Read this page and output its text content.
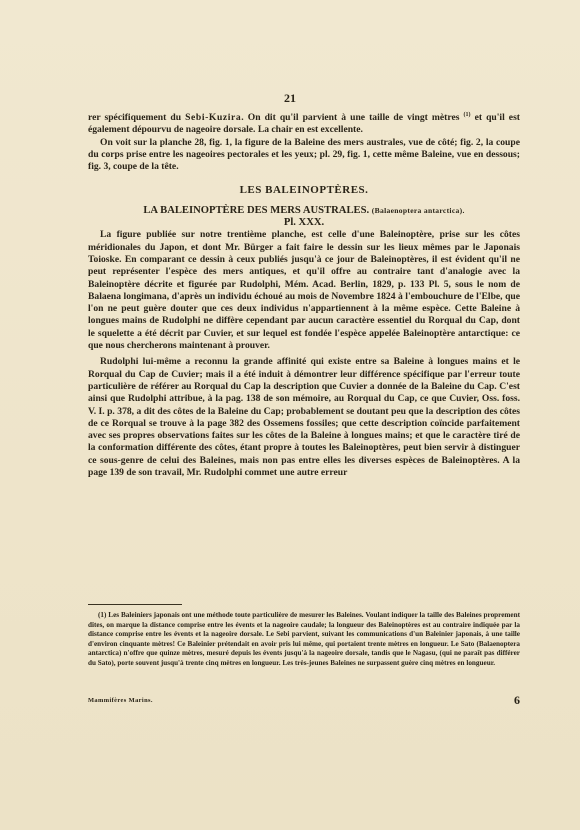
21

rer spécifiquement du Sebi-Kuzira. On dit qu'il parvient à une taille de vingt mètres $^{(1)}$ et qu'il est également dépourvu de nageoire dorsale. La chair en est excellente.

On voit sur la planche 28, fig. 1, la figure de la Baleine des mers australes, vue de côté; fig. 2, la coupe du corps prise entre les nageoires pectorales et les yeux; pl. 29, fig. 1, cette même Baleine, vue en dessous; fig. 3, coupe de la tête.

LES BALEINOPTÈRES.

LA BALEINOPTÈRE DES MERS AUSTRALES. (Balaenoptera antarctica).

Pl. XXX.

La figure publiée sur notre trentième planche, est celle d'une Baleinoptère, prise sur les côtes méridionales du Japon, et dont Mr. Bürger a fait faire le dessin sur les lieux mêmes par le Japonais Toioske. En comparant ce dessin à ceux publiés jusqu'à ce jour de Baleinoptères, il est évident qu'il ne peut représenter l'espèce des mers antiques, et qu'il offre au contraire tant d'analogie avec la Baleinoptère décrite et figurée par Rudolphi, Mém. Acad. Berlin, 1829, p. 133 Pl. 5, sous le nom de Balaena longimana, d'après un individu échoué au mois de Novembre 1824 à l'embouchure de l'Elbe, que l'on ne peut guère douter que ces deux individus n'appartiennent à la même espèce. Cette Baleine à longues mains de Rudolphi ne diffère cependant par aucun caractère essentiel du Rorqual du Cap, dont le squelette a été décrit par Cuvier, et sur lequel est fondée l'espèce appelée Baleinoptère antarctique: ce que nous chercherons maintenant à prouver.

Rudolphi lui-même a reconnu la grande affinité qui existe entre sa Baleine à longues mains et le Rorqual du Cap de Cuvier; mais il a été induit à démontrer leur différence spécifique par l'erreur toute particulière de référer au Rorqual du Cap la description que Cuvier a donnée de la Baleine du Cap. C'est ainsi que Rudolphi attribue, à la pag. 138 de son mémoire, au Rorqual du Cap, ce que Cuvier, Oss. foss. V. I. p. 378, a dit des côtes de la Baleine du Cap; probablement se doutant peu que la description des côtes de ce Rorqual se trouve à la page 382 des Ossemens fossiles; que cette description coïncide parfaitement avec ses propres observations faites sur les côtes de la Baleine à longues mains; et que le caractère tiré de la conformation différente des côtes, étant propre à toutes les Baleinoptères, peut bien servir à distinguer ce sous-genre de celui des Baleines, mais non pas entre elles les diverses espèces de Baleinoptères. A la page 139 de son travail, Mr. Rudolphi commet une autre erreur

(1) Les Baleiniers japonais ont une méthode toute particulière de mesurer les Baleines. Voulant indiquer la taille des Baleines proprement dites, on marque la distance comprise entre les évents et la nageoire caudale; la longueur des Baleinoptères est au contraire indiquée par la distance comprise entre les évents et la nageoire dorsale. Le Sebi parvient, suivant les communications d'un Baleinier japonais, à une taille d'environ cinquante mètres! Ce Baleinier prétendait en avoir pris lui même, qui portaient trente mètres en longueur. Le Sato (Balaenoptera antarctica) n'offre que quinze mètres, mesuré depuis les évents jusqu'à la nageoire dorsale, tandis que le Nagasu, (qui ne paraît pas différer du Sato), porte souvent jusqu'à trente cinq mètres en longueur. Les très-jeunes Baleines ne surpassent guère cinq mètres en longueur.

Mammifères Marins.	6
